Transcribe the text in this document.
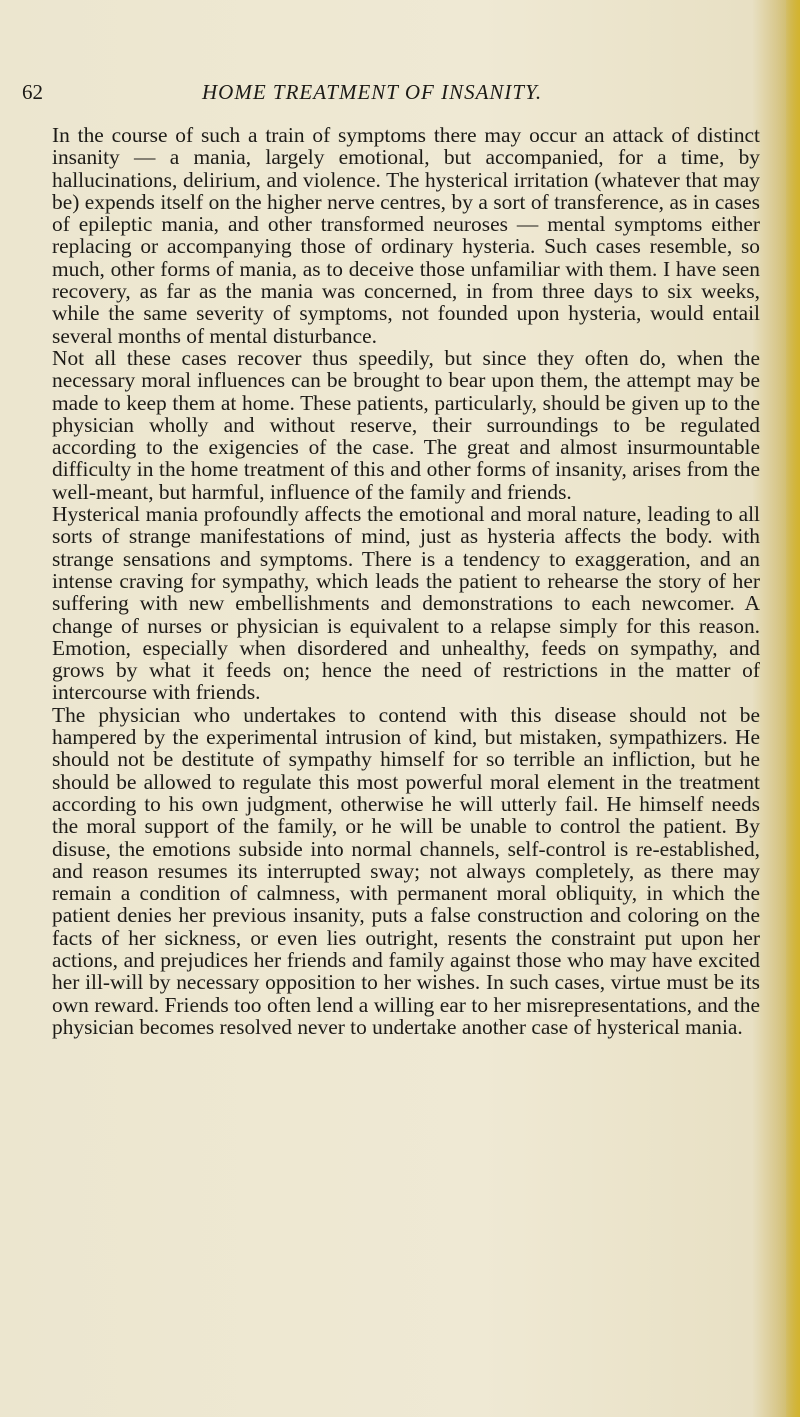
62	HOME TREATMENT OF INSANITY.

In the course of such a train of symptoms there may occur an attack of distinct insanity — a mania, largely emotional, but accompanied, for a time, by hallucinations, delirium, and violence. The hysterical irritation (whatever that may be) expends itself on the higher nerve centres, by a sort of transference, as in cases of epileptic mania, and other transformed neuroses — mental symptoms either replacing or accompanying those of ordinary hysteria. Such cases resemble, so much, other forms of mania, as to deceive those unfamiliar with them. I have seen recovery, as far as the mania was concerned, in from three days to six weeks, while the same severity of symptoms, not founded upon hysteria, would entail several months of mental disturbance.

Not all these cases recover thus speedily, but since they often do, when the necessary moral influences can be brought to bear upon them, the attempt may be made to keep them at home. These patients, particularly, should be given up to the physician wholly and without reserve, their surroundings to be regulated according to the exigencies of the case. The great and almost insurmountable difficulty in the home treatment of this and other forms of insanity, arises from the well-meant, but harmful, influence of the family and friends.

Hysterical mania profoundly affects the emotional and moral nature, leading to all sorts of strange manifestations of mind, just as hysteria affects the body. with strange sensations and symptoms. There is a tendency to exaggeration, and an intense craving for sympathy, which leads the patient to rehearse the story of her suffering with new embellishments and demonstrations to each newcomer. A change of nurses or physician is equivalent to a relapse simply for this reason. Emotion, especially when disordered and unhealthy, feeds on sympathy, and grows by what it feeds on; hence the need of restrictions in the matter of intercourse with friends.

The physician who undertakes to contend with this disease should not be hampered by the experimental intrusion of kind, but mistaken, sympathizers. He should not be destitute of sympathy himself for so terrible an infliction, but he should be allowed to regulate this most powerful moral element in the treatment according to his own judgment, otherwise he will utterly fail. He himself needs the moral support of the family, or he will be unable to control the patient. By disuse, the emotions subside into normal channels, self-control is re-established, and reason resumes its interrupted sway; not always completely, as there may remain a condition of calmness, with permanent moral obliquity, in which the patient denies her previous insanity, puts a false construction and coloring on the facts of her sickness, or even lies outright, resents the constraint put upon her actions, and prejudices her friends and family against those who may have excited her ill-will by necessary opposition to her wishes. In such cases, virtue must be its own reward. Friends too often lend a willing ear to her misrepresentations, and the physician becomes resolved never to undertake another case of hysterical mania.
